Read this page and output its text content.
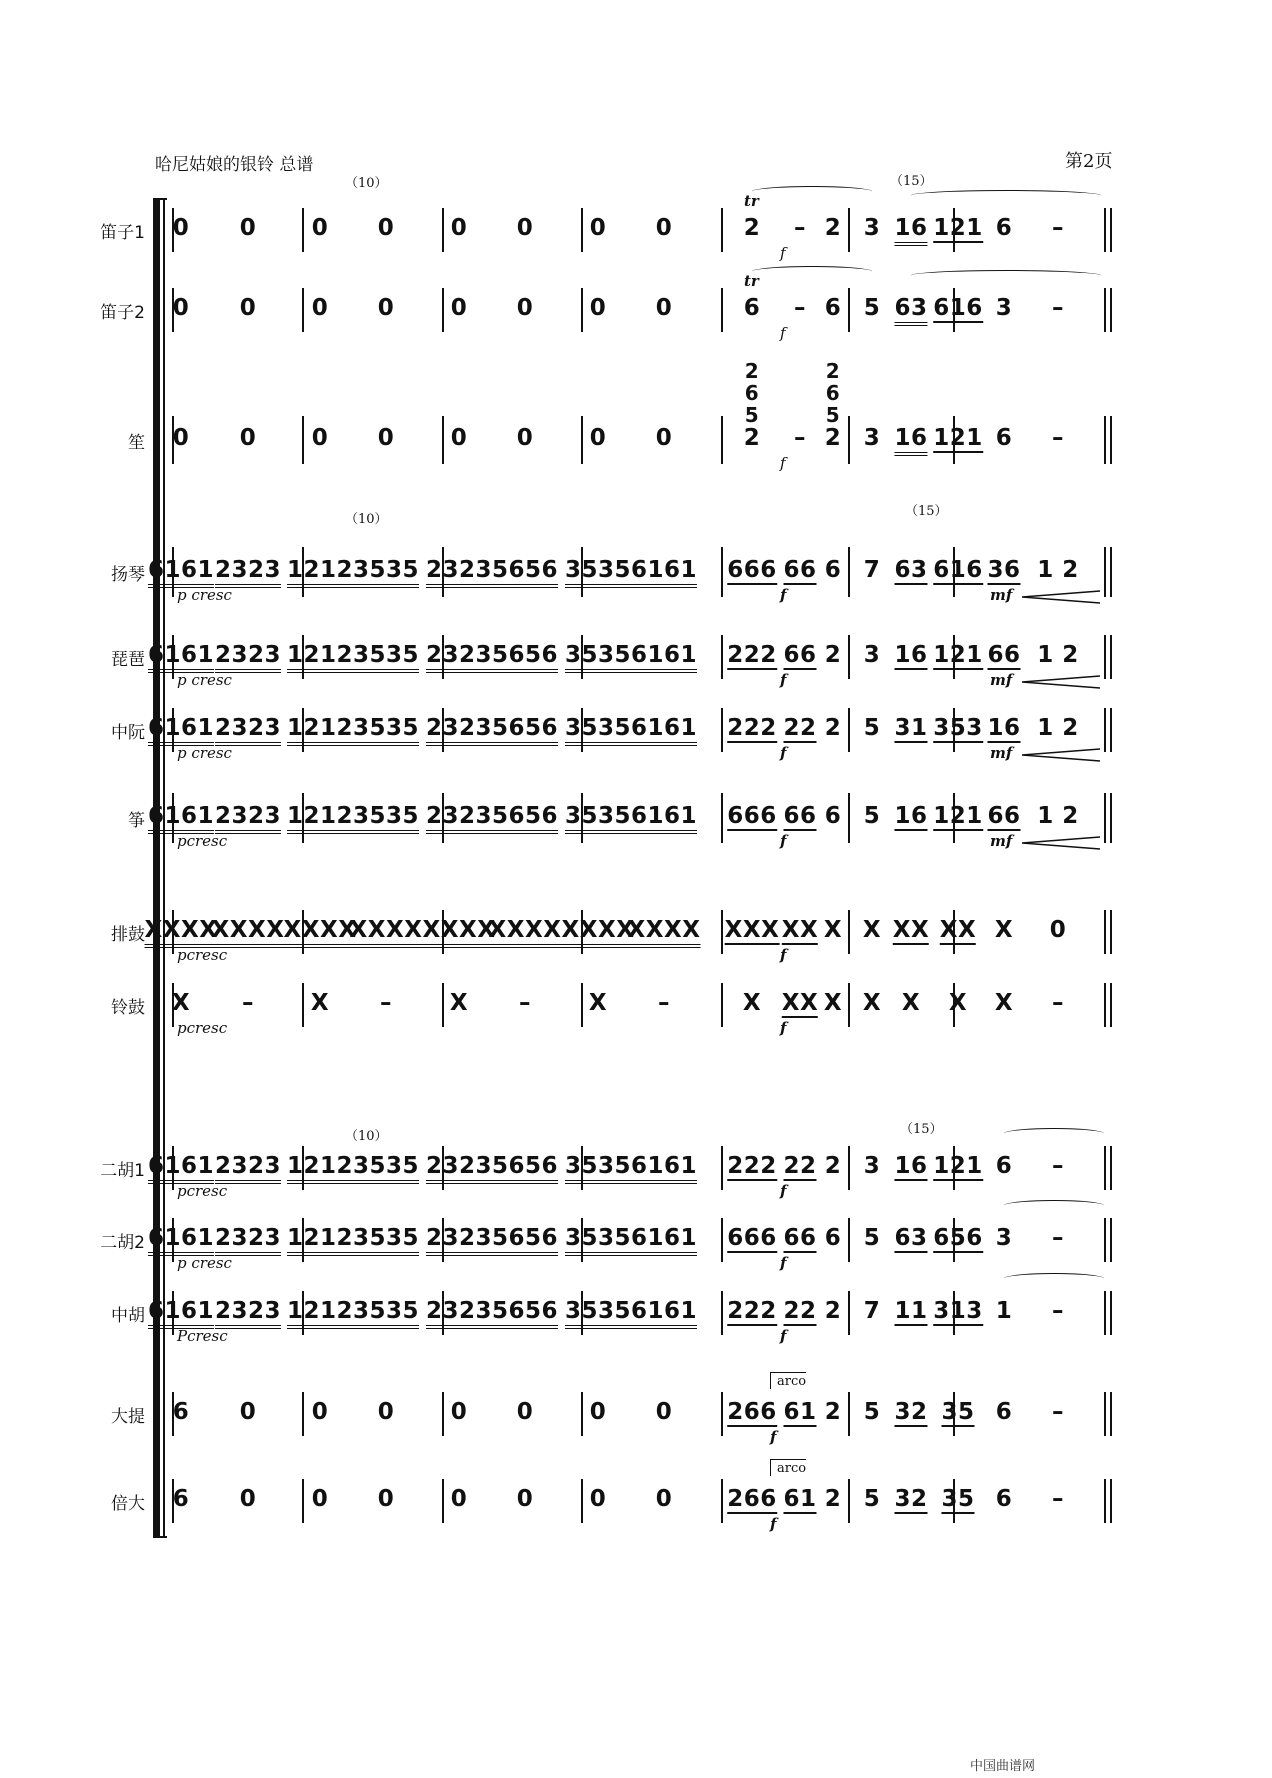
哈尼姑娘的银铃 总谱	第2页
（10）	（15）
（10）
（15）
（10）	（15）
笛子1 0 0 0 0 0 0 0 0	2 – 2 3 16 121 6 –
tr
f
笛子2 0 0 0 0 0 0 0 0	6 – 6 5 63 616 3 –
tr
f
笙 0 0 0 0 0 0 0 0	2 – 2 3 16 121 6 –
2	2
6	6
5	5
f
扬琴 6161 2323 1212 3535 2323 5656 3535 6161 666 66 6 7 63 616 36 1 2
p cresc	f	mf
琵琶 6161 2323 1212 3535 2323 5656 3535 6161 222 66 2 3 16 121 66 1 2
p cresc	f	mf
中阮 6161 2323 1212 3535 2323 5656 3535 6161 222 22 2 5 31 353 16 1 2
p cresc	f	mf
筝 6161 2323 1212 3535 2323 5656 3535 6161 666 66 6 5 16 121 66 1 2
pcresc	f	mf
排鼓 XXXX
XXXX XXXX
XXXX XXXX
XXXX XXXX
XXXX XXX XX X X XX XX X 0
pcresc	f
铃鼓 X – X –	X –	X –	X XX X X X X X –
pcresc	f
二胡1 6161 2323 1212 3535 2323 5656 3535 6161 222 22 2 3 16 121 6 –
pcresc	f
二胡2 6161 2323 1212 3535 2323 5656 3535 6161 666 66 6 5 63 656 3 –
p cresc	f
中胡 6161 2323 1212 3535 2323 5656 3535 6161 222 22 2 7 11 313 1 –
Pcresc	f
大提 6 0 0 0 0 0 0 0 266 61 2 5 32 35 6 –
arco
f
倍大 6 0 0 0 0 0 0 0 266 61 2 5 32 35 6 –
arco
f
中国曲谱网
